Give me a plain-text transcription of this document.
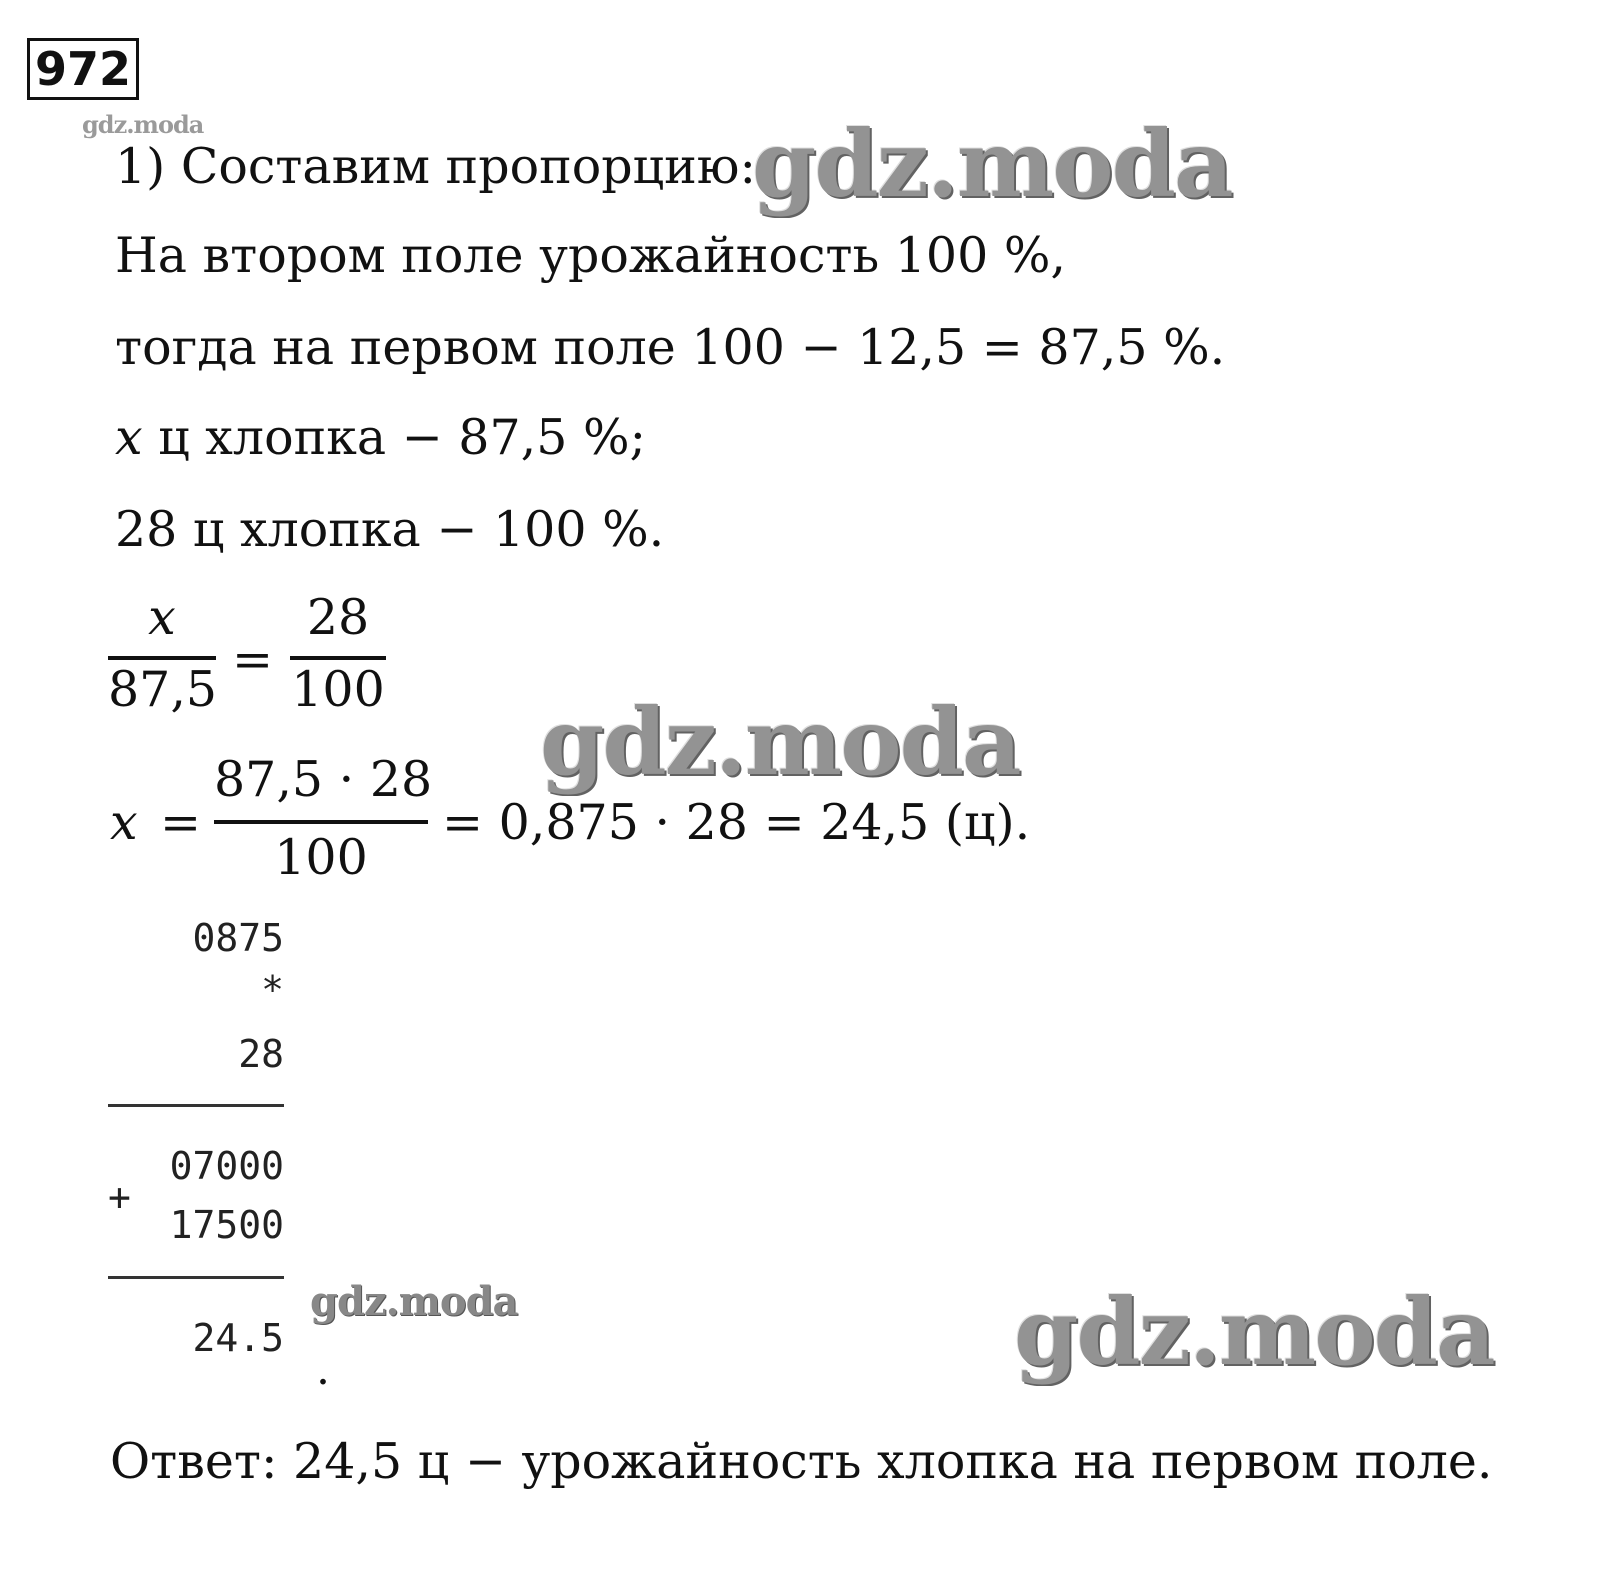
972
gdz.moda
1) Составим пропорцию:
gdz.moda
На втором поле урожайность 100 %,
тогда на первом поле 100 − 12,5 = 87,5 %.
x ц хлопка − 87,5 %;
28 ц хлопка − 100 %.
x
87,5
=
28
100 gdz.moda
x =
87,5 · 28
100
= 0,875 · 28 = 24,5 (ц).
0875
*
28
07000
+
17500
24.5
.
gdz.moda	gdz.moda
Ответ: 24,5 ц − урожайность хлопка на первом поле.
